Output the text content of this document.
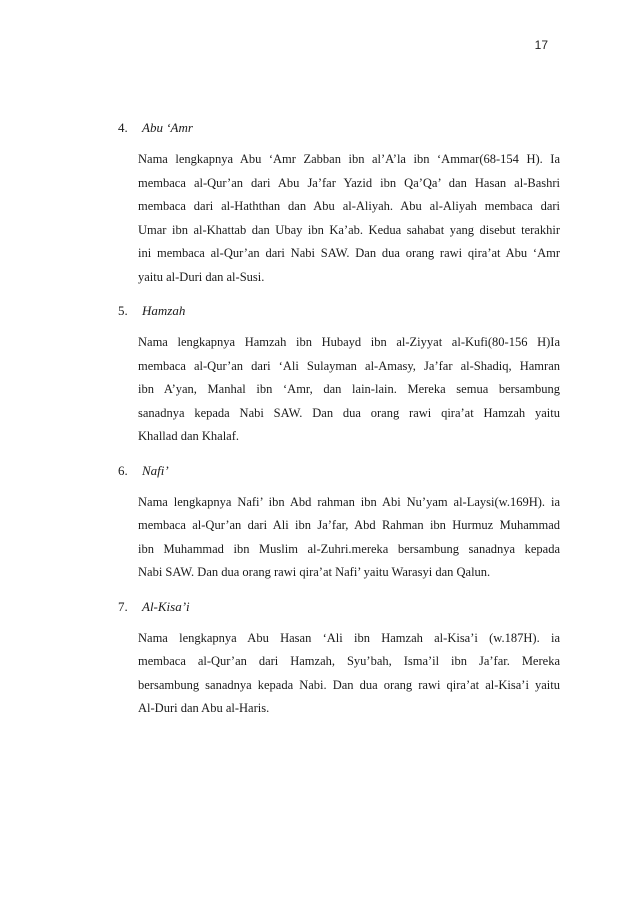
17
4.	Abu ‘Amr
Nama lengkapnya Abu ‘Amr Zabban ibn al’A’la ibn ‘Ammar(68-154 H). Ia
membaca al-Qur’an dari Abu Ja’far Yazid ibn Qa’Qa’ dan Hasan al-Bashri
membaca dari al-Haththan dan Abu al-Aliyah. Abu al-Aliyah membaca dari
Umar ibn al-Khattab dan Ubay ibn Ka’ab. Kedua sahabat yang disebut terakhir
ini membaca al-Qur’an dari Nabi SAW. Dan dua orang rawi qira’at Abu ‘Amr
yaitu al-Duri dan al-Susi.
5.	Hamzah
Nama lengkapnya Hamzah ibn Hubayd ibn al-Ziyyat al-Kufi(80-156 H)Ia
membaca al-Qur’an dari ‘Ali Sulayman al-Amasy, Ja’far al-Shadiq, Hamran
ibn A’yan, Manhal ibn ‘Amr, dan lain-lain. Mereka semua bersambung
sanadnya kepada Nabi SAW. Dan dua orang rawi qira’at Hamzah yaitu
Khallad dan Khalaf.
6.	Nafi’
Nama lengkapnya Nafi’ ibn Abd rahman ibn Abi Nu’yam al-Laysi(w.169H). ia
membaca al-Qur’an dari Ali ibn Ja’far, Abd Rahman ibn Hurmuz Muhammad
ibn Muhammad ibn Muslim al-Zuhri.mereka bersambung sanadnya kepada
Nabi SAW. Dan dua orang rawi qira’at Nafi’ yaitu Warasyi dan Qalun.
7.	Al-Kisa’i
Nama lengkapnya Abu Hasan ‘Ali ibn Hamzah al-Kisa’i (w.187H). ia
membaca al-Qur’an dari Hamzah, Syu’bah, Isma’il ibn Ja’far. Mereka
bersambung sanadnya kepada Nabi. Dan dua orang rawi qira’at al-Kisa’i yaitu
Al-Duri dan Abu al-Haris.
